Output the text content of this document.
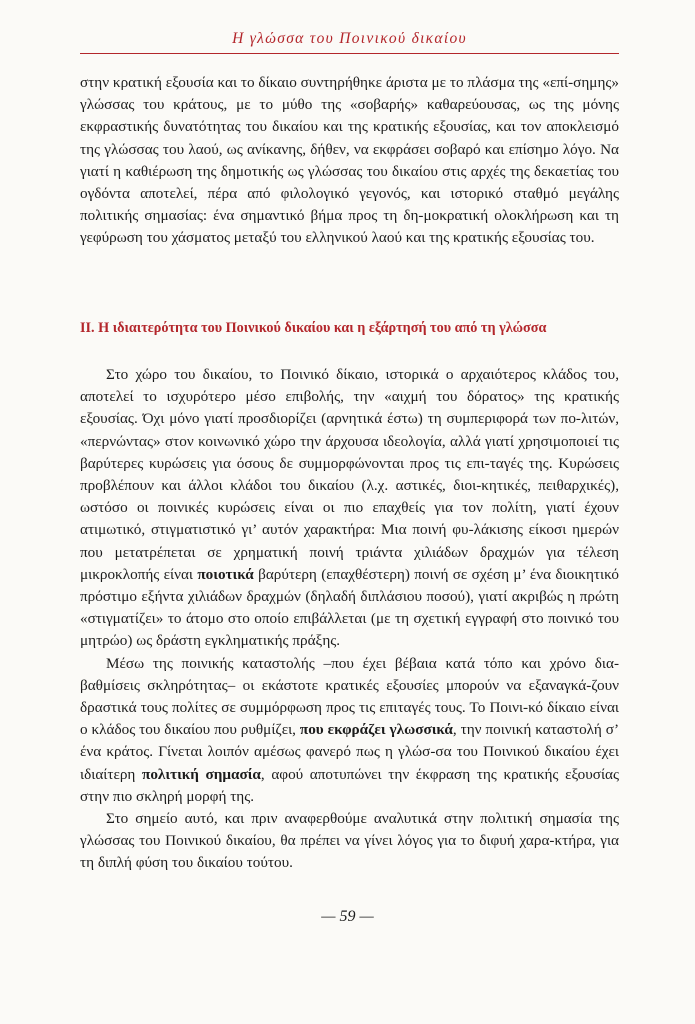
Η γλώσσα του Ποινικού δικαίου

στην κρατική εξουσία και το δίκαιο συντηρήθηκε άριστα με το πλάσμα της «επί-σημης» γλώσσας του κράτους, με το μύθο της «σοβαρής» καθαρεύουσας, ως της μόνης εκφραστικής δυνατότητας του δικαίου και της κρατικής εξουσίας, και τον αποκλεισμό της γλώσσας του λαού, ως ανίκανης, δήθεν, να εκφράσει σοβαρό και επίσημο λόγο. Να γιατί η καθιέρωση της δημοτικής ως γλώσσας του δικαίου στις αρχές της δεκαετίας του ογδόντα αποτελεί, πέρα από φιλολογικό γεγονός, και ιστορικό σταθμό μεγάλης πολιτικής σημασίας: ένα σημαντικό βήμα προς τη δη-μοκρατική ολοκλήρωση και τη γεφύρωση του χάσματος μεταξύ του ελληνικού λαού και της κρατικής εξουσίας του.

ΙΙ. Η ιδιαιτερότητα του Ποινικού δικαίου και η εξάρτησή του από τη γλώσσα

Στο χώρο του δικαίου, το Ποινικό δίκαιο, ιστορικά ο αρχαιότερος κλάδος του, αποτελεί το ισχυρότερο μέσο επιβολής, την «αιχμή του δόρατος» της κρατικής εξουσίας. Όχι μόνο γιατί προσδιορίζει (αρνητικά έστω) τη συμπεριφορά των πο-λιτών, «περνώντας» στον κοινωνικό χώρο την άρχουσα ιδεολογία, αλλά γιατί χρησιμοποιεί τις βαρύτερες κυρώσεις για όσους δε συμμορφώνονται προς τις επι-ταγές της. Κυρώσεις προβλέπουν και άλλοι κλάδοι του δικαίου (λ.χ. αστικές, διοι-κητικές, πειθαρχικές), ωστόσο οι ποινικές κυρώσεις είναι οι πιο επαχθείς για τον πολίτη, γιατί έχουν ατιμωτικό, στιγματιστικό γι’ αυτόν χαρακτήρα: Μια ποινή φυ-λάκισης είκοσι ημερών που μετατρέπεται σε χρηματική ποινή τριάντα χιλιάδων δραχμών για τέλεση μικροκλοπής είναι ποιοτικά βαρύτερη (επαχθέστερη) ποινή σε σχέση μ’ ένα διοικητικό πρόστιμο εξήντα χιλιάδων δραχμών (δηλαδή διπλάσιου ποσού), γιατί ακριβώς η πρώτη «στιγματίζει» το άτομο στο οποίο επιβάλλεται (με τη σχετική εγγραφή στο ποινικό του μητρώο) ως δράστη εγκληματικής πράξης.

Μέσω της ποινικής καταστολής –που έχει βέβαια κατά τόπο και χρόνο δια-βαθμίσεις σκληρότητας– οι εκάστοτε κρατικές εξουσίες μπορούν να εξαναγκά-ζουν δραστικά τους πολίτες σε συμμόρφωση προς τις επιταγές τους. Το Ποινι-κό δίκαιο είναι ο κλάδος του δικαίου που ρυθμίζει, που εκφράζει γλωσσικά, την ποινική καταστολή σ’ ένα κράτος. Γίνεται λοιπόν αμέσως φανερό πως η γλώσ-σα του Ποινικού δικαίου έχει ιδιαίτερη πολιτική σημασία, αφού αποτυπώνει την έκφραση της κρατικής εξουσίας στην πιο σκληρή μορφή της.

Στο σημείο αυτό, και πριν αναφερθούμε αναλυτικά στην πολιτική σημασία της γλώσσας του Ποινικού δικαίου, θα πρέπει να γίνει λόγος για το διφυή χαρα-κτήρα, για τη διπλή φύση του δικαίου τούτου.

— 59 —
